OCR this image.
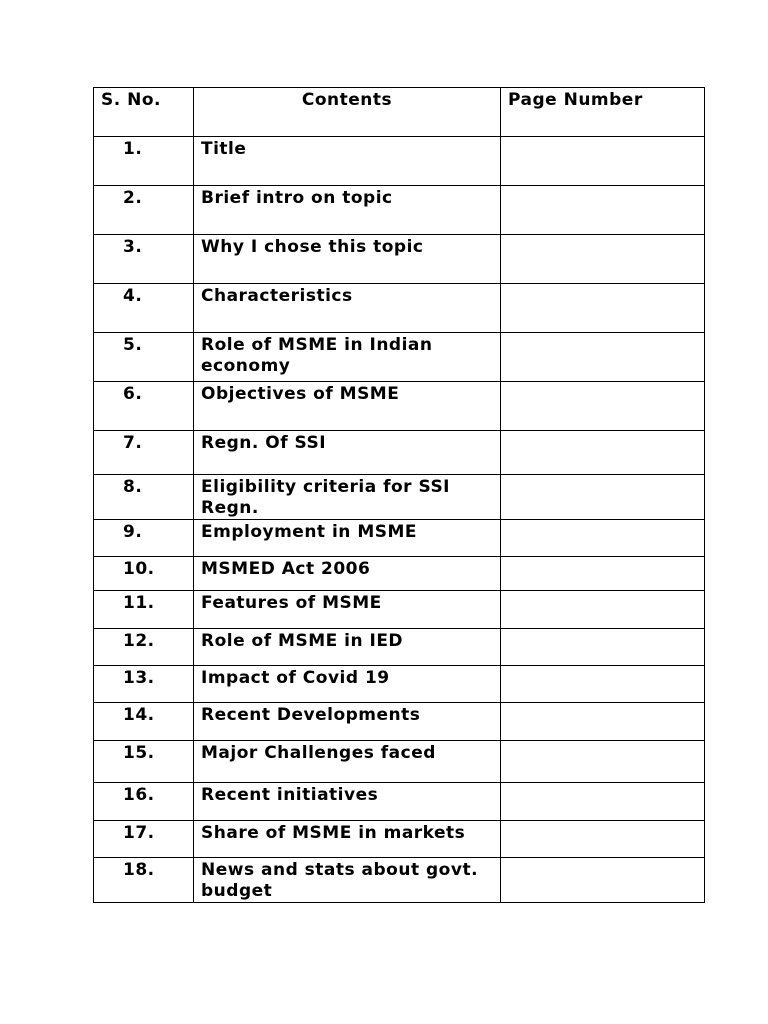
S. No.	Contents	Page Number
1.	Title	
2.	Brief intro on topic	
3.	Why I chose this topic	
4.	Characteristics	
5.	Role of MSME in Indian economy	
6.	Objectives of MSME	
7.	Regn. Of SSI	
8.	Eligibility criteria for SSI Regn.	
9.	Employment in MSME	
10.	MSMED Act 2006	
11.	Features of MSME	
12.	Role of MSME in IED	
13.	Impact of Covid 19	
14.	Recent Developments	
15.	Major Challenges faced	
16.	Recent initiatives	
17.	Share of MSME in markets	
18.	News and stats about govt. budget	
